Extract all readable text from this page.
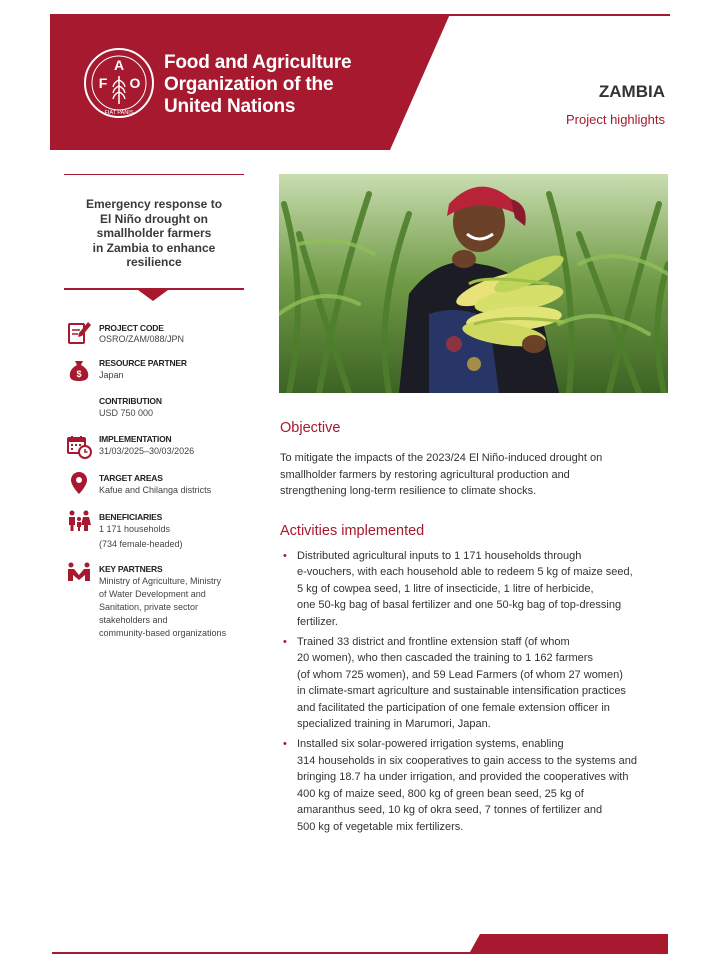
F
A
O
FIAT PANIS
Food and Agriculture
Organization of the
United Nations
ZAMBIA
Project highlights
Emergency response to
El Niño drought on
smallholder farmers
in Zambia to enhance
resilience
PROJECT CODE
OSRO/ZAM/088/JPN
$
RESOURCE PARTNER
Japan
CONTRIBUTION
USD 750 000
IMPLEMENTATION
31/03/2025–30/03/2026
TARGET AREAS
Kafue and Chilanga districts
BENEFICIARIES
1 171 households
(734 female-headed)
KEY PARTNERS
Ministry of Agriculture, Ministry
of Water Development and
Sanitation, private sector
stakeholders and
community-based organizations
Objective
To mitigate the impacts of the 2023/24 El Niño-induced drought on
smallholder farmers by restoring agricultural production and
strengthening long-term resilience to climate shocks.
Activities implemented
• Distributed agricultural inputs to 1 171 households through
e-vouchers, with each household able to redeem 5 kg of maize seed,
5 kg of cowpea seed, 1 litre of insecticide, 1 litre of herbicide,
one 50-kg bag of basal fertilizer and one 50-kg bag of top-dressing
fertilizer.
• Trained 33 district and frontline extension staff (of whom
20 women), who then cascaded the training to 1 162 farmers
(of whom 725 women), and 59 Lead Farmers (of whom 27 women)
in climate-smart agriculture and sustainable intensification practices
and facilitated the participation of one female extension officer in
specialized training in Marumori, Japan.
• Installed six solar-powered irrigation systems, enabling
314 households in six cooperatives to gain access to the systems and
bringing 18.7 ha under irrigation, and provided the cooperatives with
400 kg of maize seed, 800 kg of green bean seed, 25 kg of
amaranthus seed, 10 kg of okra seed, 7 tonnes of fertilizer and
500 kg of vegetable mix fertilizers.
